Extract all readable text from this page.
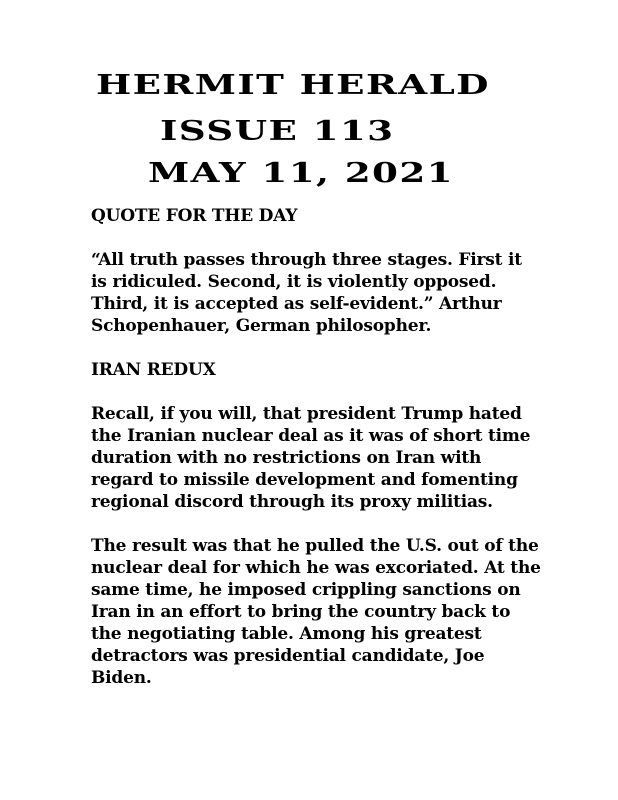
HERMIT HERALD
ISSUE 113
MAY 11, 2021

QUOTE FOR THE DAY

“All truth passes through three stages. First it is ridiculed. Second, it is violently opposed. Third, it is accepted as self-evident.” Arthur Schopenhauer, German philosopher.

IRAN REDUX

Recall, if you will, that president Trump hated the Iranian nuclear deal as it was of short time duration with no restrictions on Iran with regard to missile development and fomenting regional discord through its proxy militias.

The result was that he pulled the U.S. out of the nuclear deal for which he was excoriated. At the same time, he imposed crippling sanctions on Iran in an effort to bring the country back to the negotiating table. Among his greatest detractors was presidential candidate, Joe Biden.
